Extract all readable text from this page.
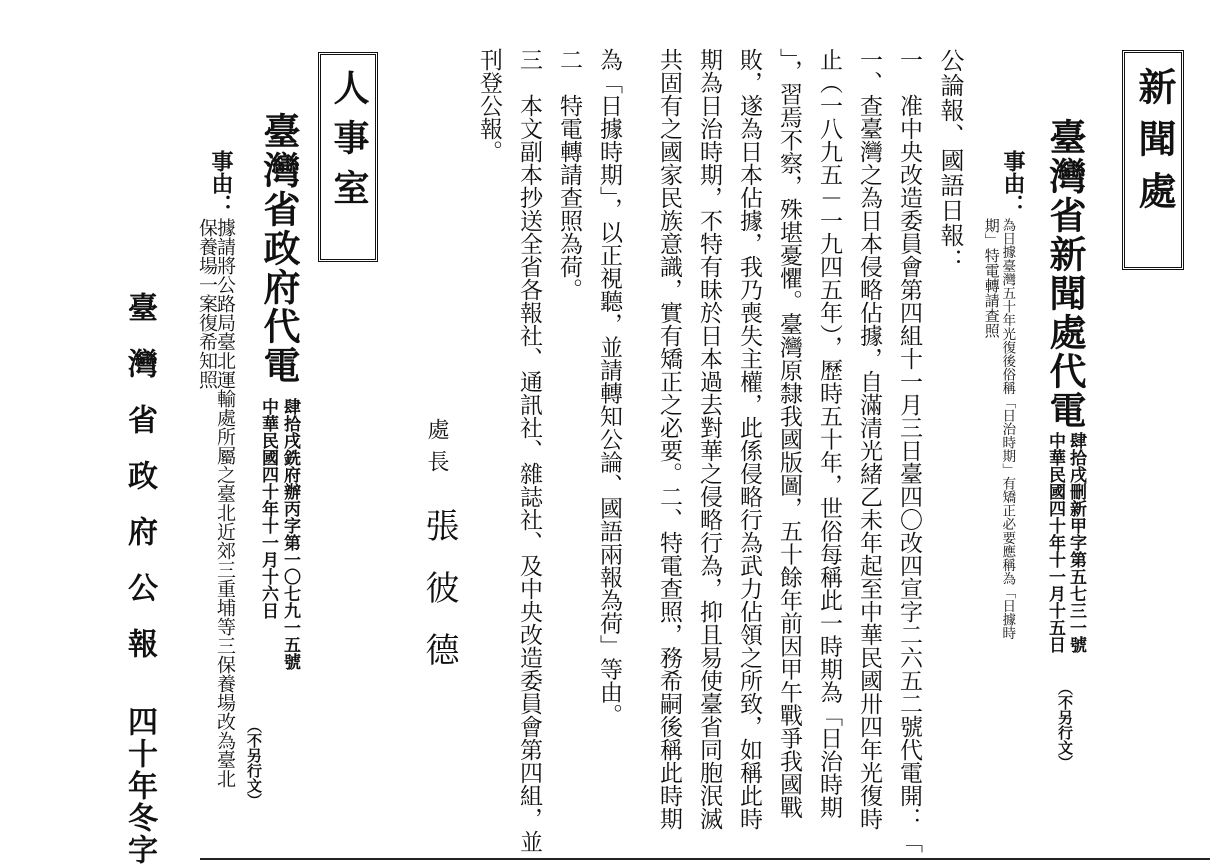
新聞處
臺灣省新聞處代電
肆拾戌刪新甲字第五七三一號
（不另行文）
中華民國四十年十一月十五日
事由：
為日據臺灣五十年光復後俗稱「日治時期」有矯正必要應稱為「日據時
期」特電轉請查照
公論報、國語日報：
一　准中央改造委員會第四組十一月三日臺四〇改四宣字二六五二號代電開：「
一、查臺灣之為日本侵略佔據，自滿清光緒乙未年起至中華民國卅四年光復時
止（一八九五－一九四五年），歷時五十年，世俗每稱此一時期為「日治時期
」，習焉不察，殊堪憂懼。臺灣原隸我國版圖，五十餘年前因甲午戰爭我國戰
敗，遂為日本佔據，我乃喪失主權，此係侵略行為武力佔領之所致，如稱此時
期為日治時期，不特有昧於日本過去對華之侵略行為，抑且易使臺省同胞泯滅
共固有之國家民族意識，實有矯正之必要。二、特電查照，務希嗣後稱此時期
為「日據時期」，以正視聽，並請轉知公論、國語兩報為荷」等由。
二　特電轉請查照為荷。
三　本文副本抄送全省各報社、通訊社、雜誌社、及中央改造委員會第四組，並
刊登公報。
處長
張彼德
人事室
臺灣省政府代電
肆拾戌銑府辦丙字第一〇七九一五號
（不另行文）
中華民國四十年十一月十六日
事由：
據請將公路局臺北運輸處所屬之臺北近郊三重埔等三保養場改為臺北
保養場一案復希知照
臺灣省政府公報
四十年冬字
